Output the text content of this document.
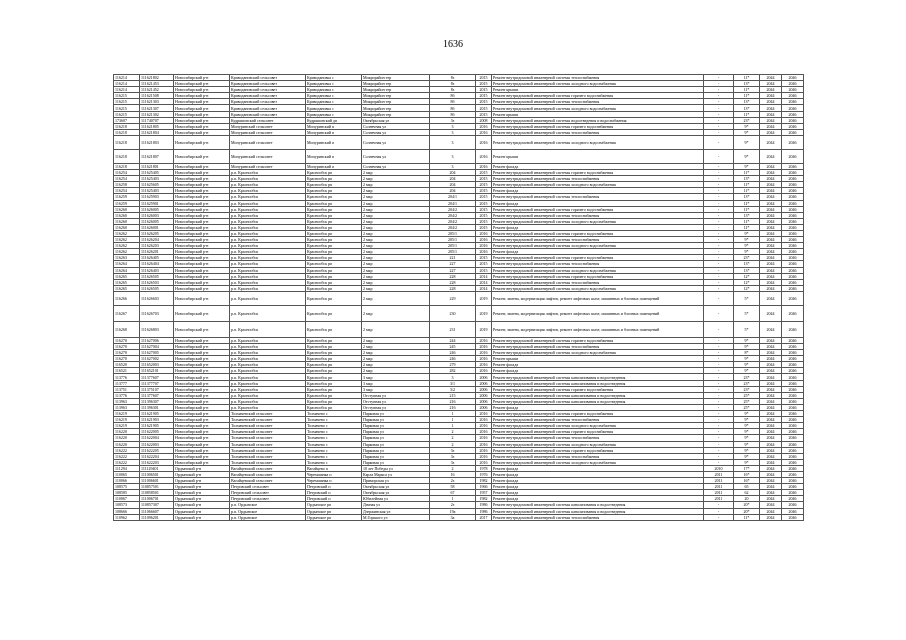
1636
116214	111621802	Новосибирский р-н	Криводановский сельсовет	Криводановка с	Микрорайон тер	8з	2015	Ремонт внутридомовой инженерной системы теплоснабжения	-	11*	2044	2046
116214	111621453	Новосибирский р-н	Криводановский сельсовет	Криводановка с	Микрорайон тер	8з	2015	Ремонт внутридомовой инженерной системы холодного водоснабжения	-	13*	2044	2046
116214	111621452	Новосибирский р-н	Криводановский сельсовет	Криводановка с	Микрорайон тер	8з	2015	Ремонт крыши	-	11*	2044	2046
116215	111621508	Новосибирский р-н	Криводановский сельсовет	Криводановка с	Микрорайон тер	8б	2015	Ремонт внутридомовой инженерной системы горячего водоснабжения	-	11*	2044	2046
116215	111621303	Новосибирский р-н	Криводановский сельсовет	Криводановка с	Микрорайон тер	8б	2015	Ремонт внутридомовой инженерной системы теплоснабжения	-	13*	2044	2046
116215	111621307	Новосибирский р-н	Криводановский сельсовет	Криводановка с	Микрорайон тер	8б	2015	Ремонт внутридомовой инженерной системы холодного водоснабжения	-	13*	2044	2046
116215	111621302	Новосибирский р-н	Криводановский сельсовет	Криводановка с	Микрорайон тер	8б	2015	Ремонт крыши	-	11*	2044	2046
173607	111740707	Новосибирский р-н	Кудряшовский сельсовет	Кудряшовский дп	Октябрьская ул	3з	2008	Ремонт внутридомовой инженерной системы водоотведения и водоснабжения	-	23*	2044	2046
116218	111621805	Новосибирский р-н	Мичуринский сельсовет	Мичуринский п	Солнечная ул	3	2016	Ремонт внутридомовой инженерной системы горячего водоснабжения	-	9*	2044	2046
116218	111621804	Новосибирский р-н	Мичуринский сельсовет	Мичуринский п	Солнечная ул	3	2016	Ремонт внутридомовой инженерной системы теплоснабжения	-	9*	2044	2046
116218	111621803	Новосибирский р-н	Мичуринский сельсовет	Мичуринский п	Солнечная ул	3	2016	Ремонт внутридомовой инженерной системы холодного водоснабжения	-	9*	2044	2046
116218	111621807	Новосибирский р-н	Мичуринский сельсовет	Мичуринский п	Солнечная ул	3	2016	Ремонт крыши	-	9*	2044	2046
116218	111621801	Новосибирский р-н	Мичуринский сельсовет	Мичуринский п	Солнечная ул	3	2016	Ремонт фасада	-	9*	2044	2046
116254	111625405	Новосибирский р-н	р.п. Краснообск	Краснообск рп	2 мкр	204	2015	Ремонт внутридомовой инженерной системы горячего водоснабжения	-	11*	2044	2046
116254	111625403	Новосибирский р-н	р.п. Краснообск	Краснообск рп	2 мкр	204	2015	Ремонт внутридомовой инженерной системы теплоснабжения	-	13*	2044	2046
116258	111625605	Новосибирский р-н	р.п. Краснообск	Краснообск рп	2 мкр	204	2015	Ремонт внутридомовой инженерной системы холодного водоснабжения	-	11*	2044	2046
116254	111625403	Новосибирский р-н	р.п. Краснообск	Краснообск рп	2 мкр	204	2015	Ремонт фасада	-	11*	2044	2046
116259	111625903	Новосибирский р-н	р.п. Краснообск	Краснообск рп	2 мкр	204/1	2015	Ремонт внутридомовой инженерной системы теплоснабжения	-	13*	2044	2046
116259	111625901	Новосибирский р-н	р.п. Краснообск	Краснообск рп	2 мкр	204/1	2015	Ремонт фасада	-	11*	2044	2046
116260	111626005	Новосибирский р-н	р.п. Краснообск	Краснообск рп	2 мкр	204/2	2015	Ремонт внутридомовой инженерной системы горячего водоснабжения	-	11*	2044	2046
116260	111626003	Новосибирский р-н	р.п. Краснообск	Краснообск рп	2 мкр	204/2	2015	Ремонт внутридомовой инженерной системы теплоснабжения	-	13*	2044	2046
116260	111626005	Новосибирский р-н	р.п. Краснообск	Краснообск рп	2 мкр	204/2	2015	Ремонт внутридомовой инженерной системы холодного водоснабжения	-	11*	2044	2046
116260	111626001	Новосибирский р-н	р.п. Краснообск	Краснообск рп	2 мкр	204/2	2015	Ремонт фасада	-	11*	2044	2046
116262	111626205	Новосибирский р-н	р.п. Краснообск	Краснообск рп	2 мкр	205/1	2016	Ремонт внутридомовой инженерной системы горячего водоснабжения	-	9*	2044	2046
116262	111626204	Новосибирский р-н	р.п. Краснообск	Краснообск рп	2 мкр	205/1	2016	Ремонт внутридомовой инженерной системы теплоснабжения	-	9*	2044	2046
116262	111626203	Новосибирский р-н	р.п. Краснообск	Краснообск рп	2 мкр	205/1	2016	Ремонт внутридомовой инженерной системы холодного водоснабжения	-	9*	2044	2046
116262	111626201	Новосибирский р-н	р.п. Краснообск	Краснообск рп	2 мкр	205/1	2016	Ремонт фасада	-	9*	2044	2046
116263	111626405	Новосибирский р-н	р.п. Краснообск	Краснообск рп	2 мкр	221	2015	Ремонт внутридомовой инженерной системы горячего водоснабжения	-	23*	2044	2046
116264	111626404	Новосибирский р-н	р.п. Краснообск	Краснообск рп	2 мкр	227	2015	Ремонт внутридомовой инженерной системы теплоснабжения	-	13*	2044	2046
116264	111626403	Новосибирский р-н	р.п. Краснообск	Краснообск рп	2 мкр	227	2015	Ремонт внутридомовой инженерной системы холодного водоснабжения	-	13*	2044	2046
116265	111626505	Новосибирский р-н	р.п. Краснообск	Краснообск рп	2 мкр	228	2014	Ремонт внутридомовой инженерной системы горячего водоснабжения	-	12*	2044	2046
116265	111626503	Новосибирский р-н	р.п. Краснообск	Краснообск рп	2 мкр	228	2014	Ремонт внутридомовой инженерной системы теплоснабжения	-	12*	2044	2046
116265	111626505	Новосибирский р-н	р.п. Краснообск	Краснообск рп	2 мкр	228	2014	Ремонт внутридомовой инженерной системы холодного водоснабжения	-	12*	2044	2046
116266	111626603	Новосибирский р-н	р.п. Краснообск	Краснообск рп	2 мкр	229	2019	Ремонт, замена, модернизация лифтов, ремонт лифтовых шахт, машинных и блочных помещений	-	5*	2044	2046
116267	111626703	Новосибирский р-н	р.п. Краснообск	Краснообск рп	2 мкр	230	2019	Ремонт, замена, модернизация лифтов, ремонт лифтовых шахт, машинных и блочных помещений	-	5*	2044	2046
116268	111626803	Новосибирский р-н	р.п. Краснообск	Краснообск рп	2 мкр	231	2019	Ремонт, замена, модернизация лифтов, ремонт лифтовых шахт, машинных и блочных помещений	-	5*	2044	2046
116270	111627006	Новосибирский р-н	р.п. Краснообск	Краснообск рп	2 мкр	244	2016	Ремонт внутридомовой инженерной системы горячего водоснабжения	-	9*	2044	2046
116270	111627004	Новосибирский р-н	р.п. Краснообск	Краснообск рп	2 мкр	245	2016	Ремонт внутридомовой инженерной системы теплоснабжения	-	9*	2044	2046
116270	111627005	Новосибирский р-н	р.п. Краснообск	Краснообск рп	2 мкр	246	2016	Ремонт внутридомовой инженерной системы холодного водоснабжения	-	8*	2044	2046
116270	111627002	Новосибирский р-н	р.п. Краснообск	Краснообск рп	2 мкр	246	2016	Ремонт крыши	-	9*	2044	2046
116520	111652003	Новосибирский р-н	р.п. Краснообск	Краснообск рп	2 мкр	279	2016	Ремонт фасада	-	9*	2044	2046
116521	111652101	Новосибирский р-н	р.п. Краснообск	Краснообск рп	2 мкр	282	2016	Ремонт фасада	-	9*	2044	2046
113776	111377607	Новосибирский р-н	р.п. Краснообск	Краснообск рп	3 мкр	3	2006	Ремонт внутридомовой инженерной системы канализования и водоотведения	-	23*	2044	2046
113777	111377707	Новосибирский р-н	р.п. Краснообск	Краснообск рп	3 мкр	3/1	2006	Ремонт внутридомовой инженерной системы канализования и водоотведения	-	23*	2044	2046
113751	111375107	Новосибирский р-н	р.п. Краснообск	Краснообск рп	3 мкр	3/2	2006	Ремонт внутридомовой инженерной системы горячего водоснабжения	-	23*	2044	2046
113776	111377607	Новосибирский р-н	р.п. Краснообск	Краснообск рп	Отступная ул	215	2006	Ремонт внутридомовой инженерной системы канализования и водоотведения	-	25*	2044	2046
113963	111396307	Новосибирский р-н	р.п. Краснообск	Краснообск рп	Отступная ул	216	2006	Ремонт внутридомовой инженерной системы канализования и водоотведения	-	25*	2044	2046
113963	111396301	Новосибирский р-н	р.п. Краснообск	Краснообск рп	Отступная ул	216	2006	Ремонт фасада	-	25*	2044	2046
116219	111621905	Новосибирский р-н	Толмачевский сельсовет	Толмачево с	Парковая ул	1	2016	Ремонт внутридомовой инженерной системы горячего водоснабжения	-	9*	2044	2046
116219	111621903	Новосибирский р-н	Толмачевский сельсовет	Толмачево с	Парковая ул	1	2016	Ремонт внутридомовой инженерной системы теплоснабжения	-	9*	2044	2046
116219	111621905	Новосибирский р-н	Толмачевский сельсовет	Толмачево с	Парковая ул	1	2016	Ремонт внутридомовой инженерной системы холодного водоснабжения	-	9*	2044	2046
116220	111622005	Новосибирский р-н	Толмачевский сельсовет	Толмачево с	Парковая ул	2	2016	Ремонт внутридомовой инженерной системы горячего водоснабжения	-	9*	2044	2046
116220	111622004	Новосибирский р-н	Толмачевский сельсовет	Толмачево с	Парковая ул	2	2016	Ремонт внутридомовой инженерной системы теплоснабжения	-	9*	2044	2046
116220	111622003	Новосибирский р-н	Толмачевский сельсовет	Толмачево с	Парковая ул	2	2016	Ремонт внутридомовой инженерной системы холодного водоснабжения	-	9*	2044	2046
116222	111622205	Новосибирский р-н	Толмачевский сельсовет	Толмачево с	Парковая ул	3з	2016	Ремонт внутридомовой инженерной системы горячего водоснабжения	-	9*	2044	2046
116222	111622204	Новосибирский р-н	Толмачевский сельсовет	Толмачево с	Парковая ул	3з	2016	Ремонт внутридомовой инженерной системы теплоснабжения	-	9*	2044	2046
116222	111622203	Новосибирский р-н	Толмачевский сельсовет	Толмачево с	Парковая ул	3з	2016	Ремонт внутридомовой инженерной системы холодного водоснабжения	-	9*	2044	2046
111294	111129401	Ордынский р-н	Вагайцевский сельсовет	Вагайцево п	10 лет Победы ул	2	1978	Ремонт фасада	2010	17*	2044	2046
110065	111006501	Ордынский р-н	Вагайцевский сельсовет	Черемшанка п	Карла Маркса ул	16	1976	Ремонт фасада	2011	16*	2044	2046
110066	111006601	Ордынский р-н	Вагайцевский сельсовет	Черемшанка п	Приморская ул	2з	1982	Ремонт фасада	2011	16*	2044	2046
108575	110857501	Ордынский р-н	Петровский сельсовет	Петровский п	Октябрьская ул	58	1966	Ремонт фасада	2011	65	2044	2046
108585	110858501	Ордынский р-н	Петровский сельсовет	Петровский п	Октябрьская ул	67	1957	Ремонт фасада	2011	62	2044	2046
110067	111006701	Ордынский р-н	Петровский сельсовет	Петровский п	Юбилейная ул	1	1982	Ремонт фасада	2011	20	2044	2046
108573	110857307	Ордынский р-н	р.п. Ордынское	Ордынское рп	Дачная ул	2з	1986	Ремонт внутридомовой инженерной системы канализования и водоотведения	-	20*	2044	2046
108666	111066607	Ордынский р-н	р.п. Ордынское	Ордынское рп	Дзержинская ул	19а	1986	Ремонт внутридомовой инженерной системы канализования и водоотведения	-	20*	2044	2046
110962	111096201	Ордынский р-н	р.п. Ордынское	Ордынское рп	М.Горького ул	3а	2017	Ремонт внутридомовой инженерной системы теплоснабжения	-	11*	2044	2046
